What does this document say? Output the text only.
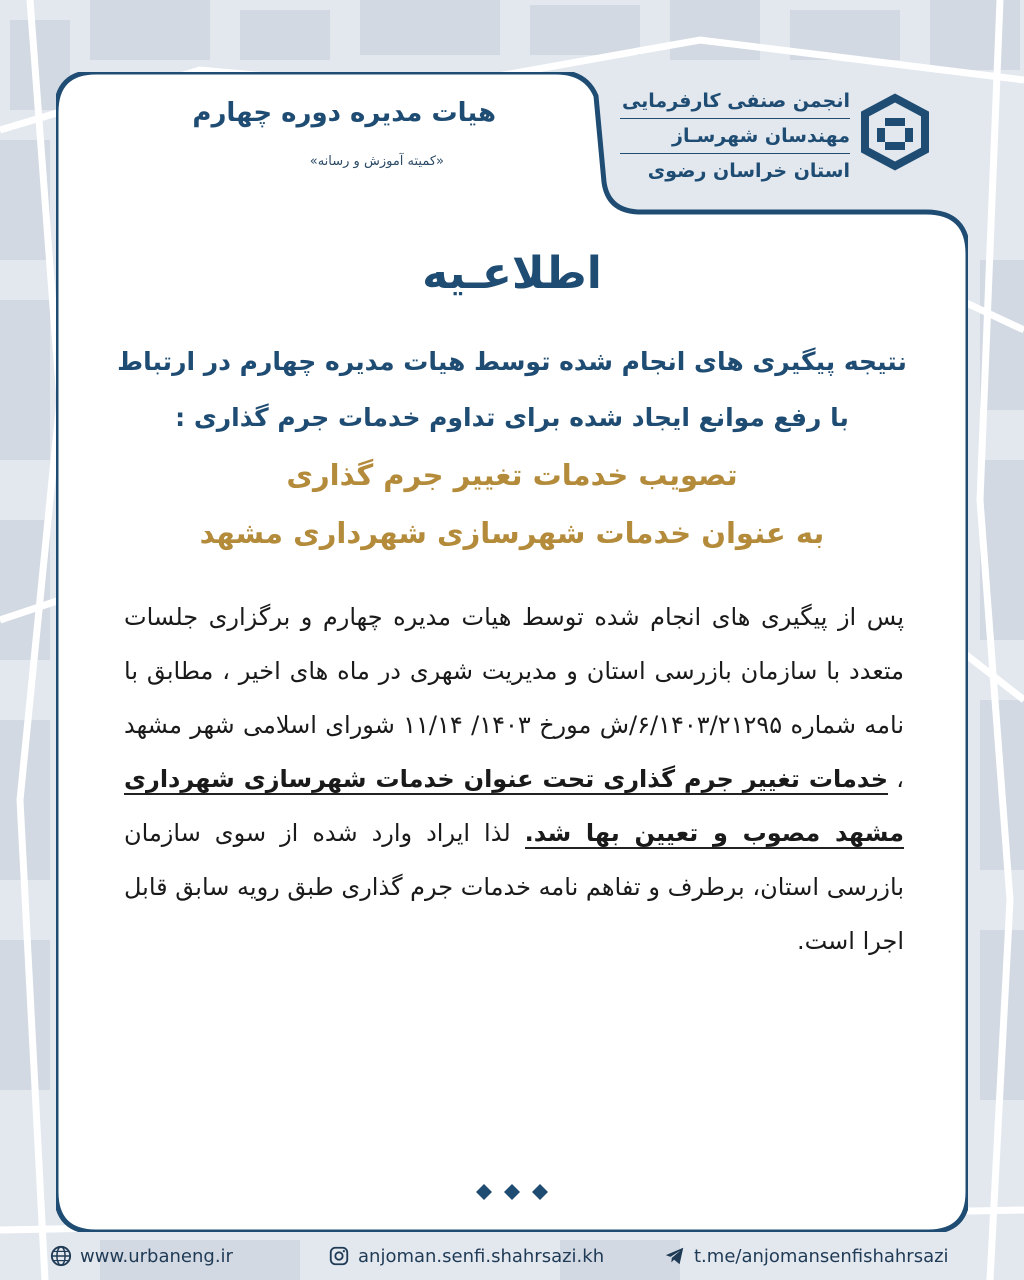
هیات مدیره دوره چهارم
«کمیته آموزش و رسانه»
انجمن صنفی کارفرمایی
مهندسان شهرسـاز
استان خراسان رضوی
اطلاعـیه
نتیجه پیگیری های انجام شده توسط هیات مدیره چهارم در ارتباط
با رفع موانع ایجاد شده برای تداوم خدمات جرم گذاری :
تصویب خدمات تغییر جرم گذاری
به عنوان خدمات شهرسازی شهرداری مشهد
پس از پیگیری های انجام شده توسط هیات مدیره چهارم و برگزاری جلسات متعدد با سازمان بازرسی استان و مدیریت شهری در ماه های اخیر ، مطابق با نامه شماره ۶/۱۴۰۳/۲۱۲۹۵/ش مورخ ۱۴۰۳/ ۱۱/۱۴ شورای اسلامی شهر مشهد ، خدمات تغییر جرم گذاری تحت عنوان خدمات شهرسازی شهرداری مشهد مصوب و تعیین بها شد. لذا ایراد وارد شده از سوی سازمان بازرسی استان، برطرف و تفاهم نامه خدمات جرم گذاری طبق رویه سابق قابل اجرا است.
www.urbaneng.ir	anjoman.senfi.shahrsazi.kh	t.me/anjomansenfishahrsazi
